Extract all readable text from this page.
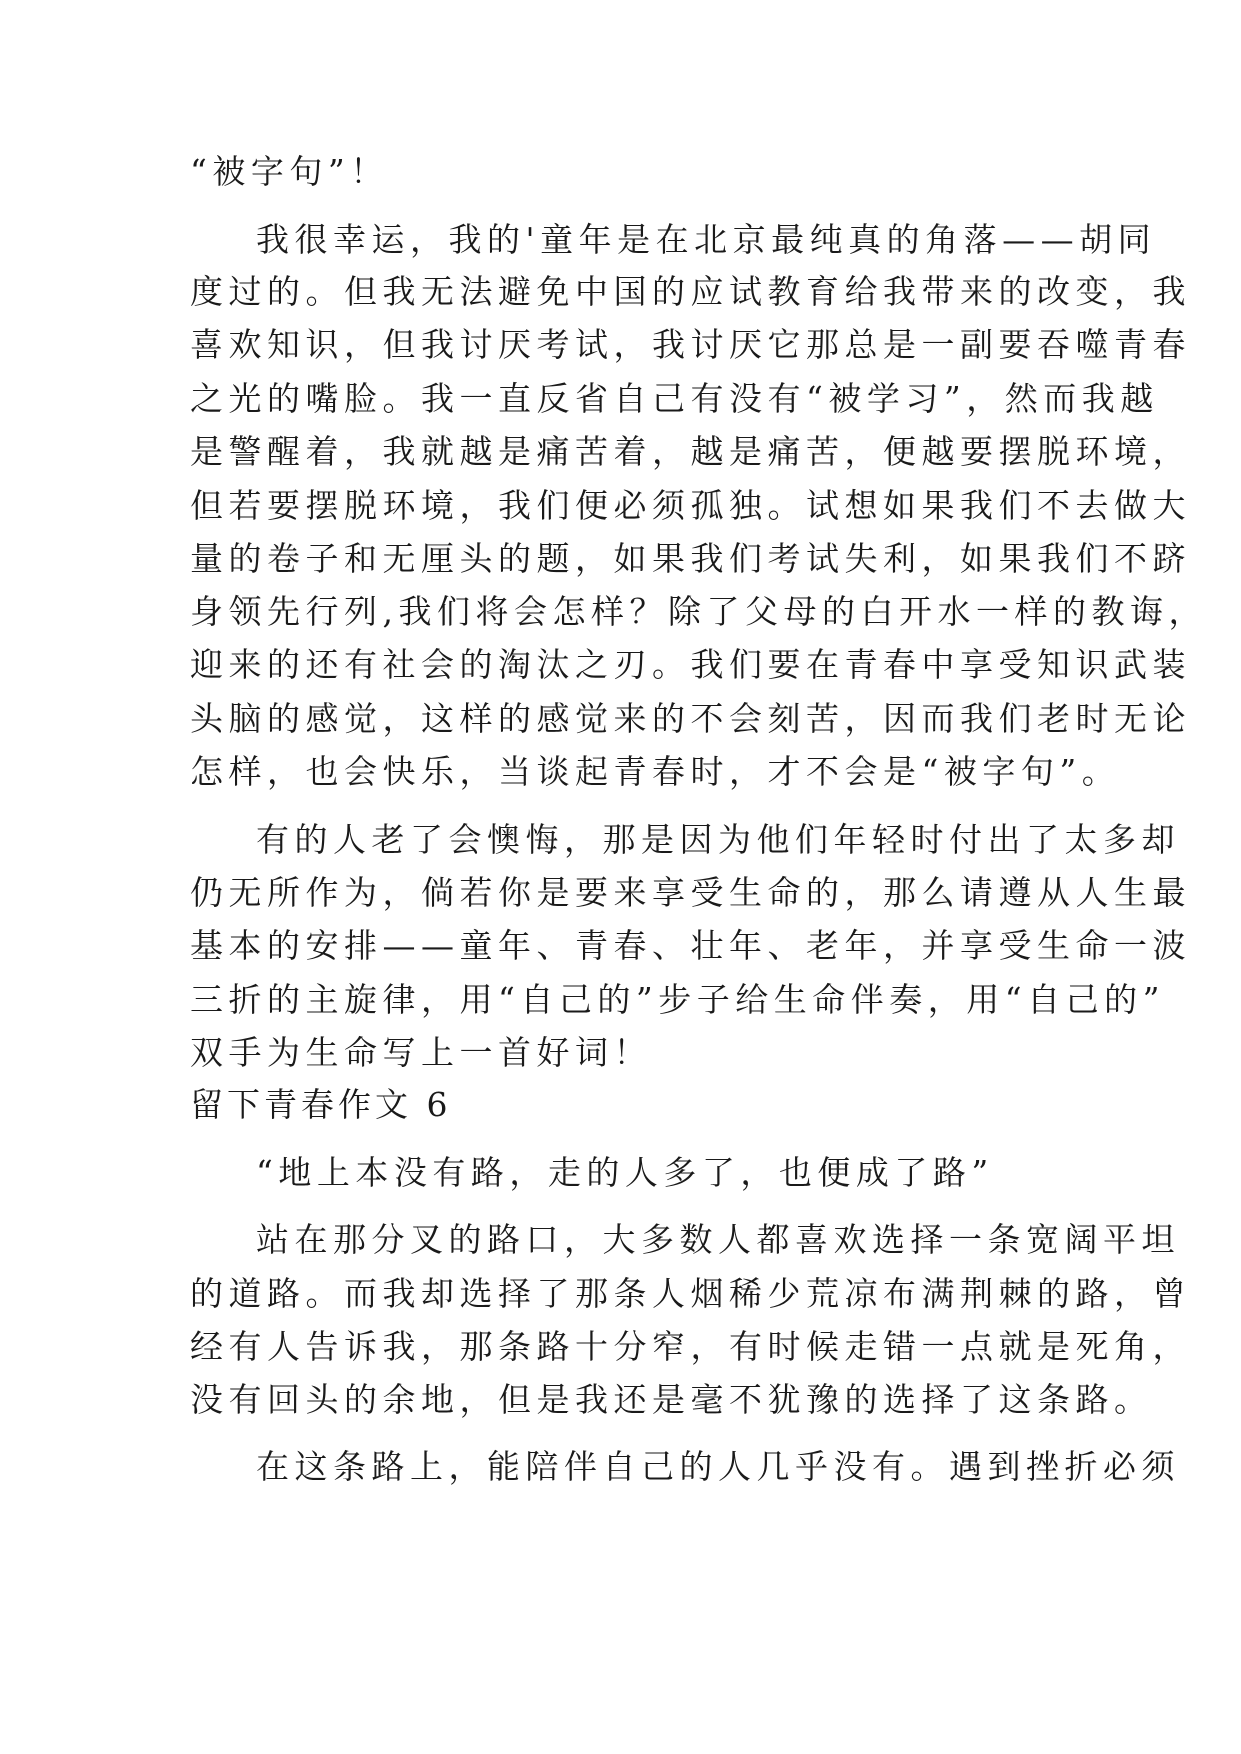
“被字句”！
我很幸运，我的'童年是在北京最纯真的角落——胡同
度过的。但我无法避免中国的应试教育给我带来的改变，我
喜欢知识，但我讨厌考试，我讨厌它那总是一副要吞噬青春
之光的嘴脸。我一直反省自己有没有“被学习”，然而我越
是警醒着，我就越是痛苦着，越是痛苦，便越要摆脱环境，
但若要摆脱环境，我们便必须孤独。试想如果我们不去做大
量的卷子和无厘头的题，如果我们考试失利，如果我们不跻
身领先行列,我们将会怎样？除了父母的白开水一样的教诲，
迎来的还有社会的淘汰之刃。我们要在青春中享受知识武装
头脑的感觉，这样的感觉来的不会刻苦，因而我们老时无论
怎样，也会快乐，当谈起青春时，才不会是“被字句”。
有的人老了会懊悔，那是因为他们年轻时付出了太多却
仍无所作为，倘若你是要来享受生命的，那么请遵从人生最
基本的安排——童年、青春、壮年、老年，并享受生命一波
三折的主旋律，用“自己的”步子给生命伴奏，用“自己的”
双手为生命写上一首好词！
留下青春作文 6
“地上本没有路，走的人多了，也便成了路”
站在那分叉的路口，大多数人都喜欢选择一条宽阔平坦
的道路。而我却选择了那条人烟稀少荒凉布满荆棘的路，曾
经有人告诉我，那条路十分窄，有时候走错一点就是死角，
没有回头的余地，但是我还是毫不犹豫的选择了这条路。
在这条路上，能陪伴自己的人几乎没有。遇到挫折必须
